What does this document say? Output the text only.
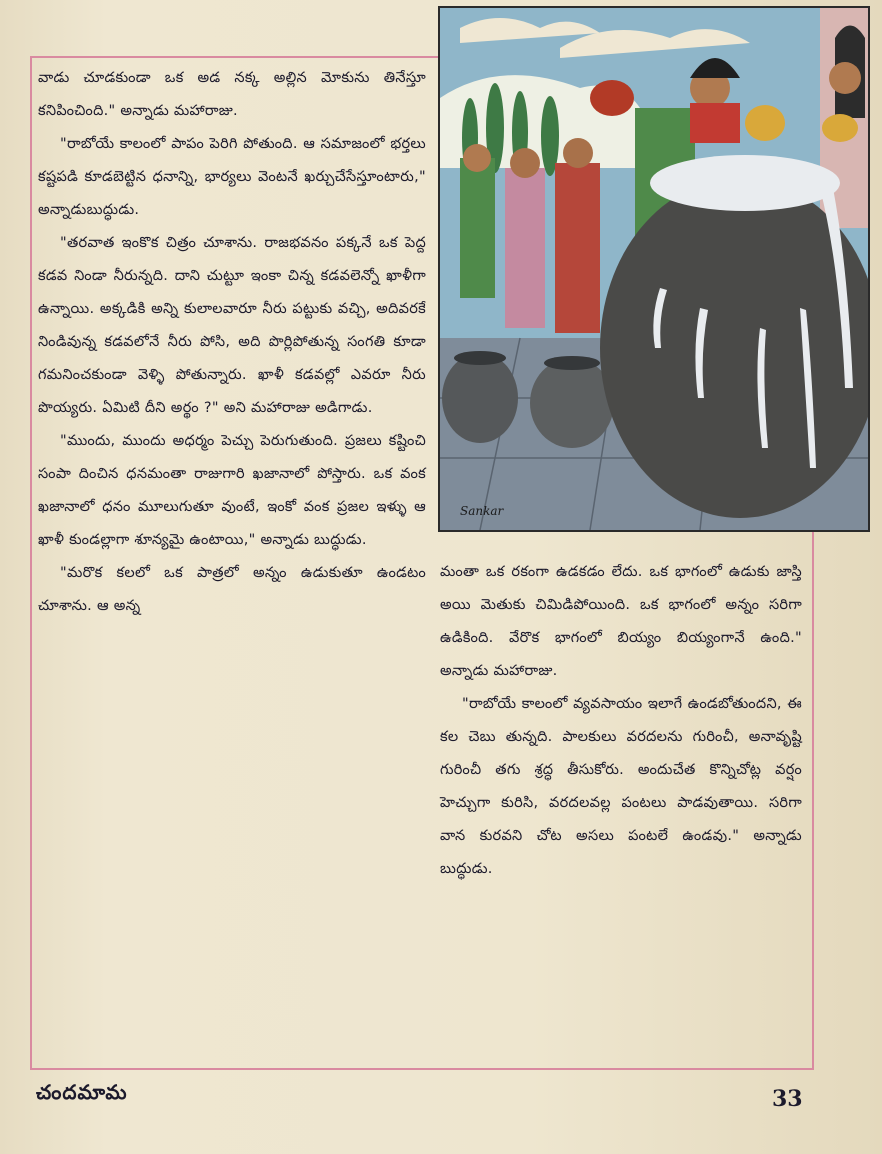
వాడు చూడకుండా ఒక అడ నక్క అల్లిన మోకును తినేస్తూ కనిపించింది." అన్నాడు మహారాజు.

"రాబోయే కాలంలో పాపం పెరిగి పోతుంది. ఆ సమాజంలో భర్తలు కష్టపడి కూడబెట్టిన ధనాన్ని, భార్యలు వెంటనే ఖర్చుచేసేస్తూంటారు," అన్నాడుబుద్ధుడు.

"తరవాత ఇంకొక చిత్రం చూశాను. రాజభవనం పక్కనే ఒక పెద్ద కడవ నిండా నీరున్నది. దాని చుట్టూ ఇంకా చిన్న కడవలెన్నో ఖాళీగా ఉన్నాయి. అక్కడికి అన్ని కులాలవారూ నీరు పట్టుకు వచ్చి, అదివరకే నిండివున్న కడవలోనే నీరు పోసి, అది పొర్లిపోతున్న సంగతి కూడా గమనించకుండా వెళ్ళి పోతున్నారు. ఖాళీ కడవల్లో ఎవరూ నీరు పొయ్యరు. ఏమిటి దీని అర్థం ?" అని మహారాజు అడిగాడు.

"ముందు, ముందు అధర్మం పెచ్చు పెరుగుతుంది. ప్రజలు కష్టించి సంపా దించిన ధనమంతా రాజుగారి ఖజానాలో పోస్తారు. ఒక వంక ఖజానాలో ధనం మూలుగుతూ వుంటే, ఇంకో వంక ప్రజల ఇళ్ళు ఆ ఖాళీ కుండల్లాగా శూన్యమై ఉంటాయి," అన్నాడు బుద్ధుడు.

"మరొక కలలో ఒక పాత్రలో అన్నం ఉడుకుతూ ఉండటం చూశాను. ఆ అన్న

Sankar

మంతా ఒక రకంగా ఉడకడం లేదు. ఒక భాగంలో ఉడుకు జాస్తి అయి మెతుకు చిమిడిపోయింది. ఒక భాగంలో అన్నం సరిగా ఉడికింది. వేరొక భాగంలో బియ్యం బియ్యంగానే ఉంది." అన్నాడు మహారాజు.

"రాబోయే కాలంలో వ్యవసాయం ఇలాగే ఉండబోతుందని, ఈ కల చెబు తున్నది. పాలకులు వరదలను గురించీ, అనావృష్టి గురించీ తగు శ్రద్ధ తీసుకోరు. అందుచేత కొన్నిచోట్ల వర్షం హెచ్చుగా కురిసి, వరదలవల్ల పంటలు పాడవుతాయి. సరిగా వాన కురవని చోట అసలు పంటలే ఉండవు." అన్నాడు బుద్ధుడు.

చందమామ	33
